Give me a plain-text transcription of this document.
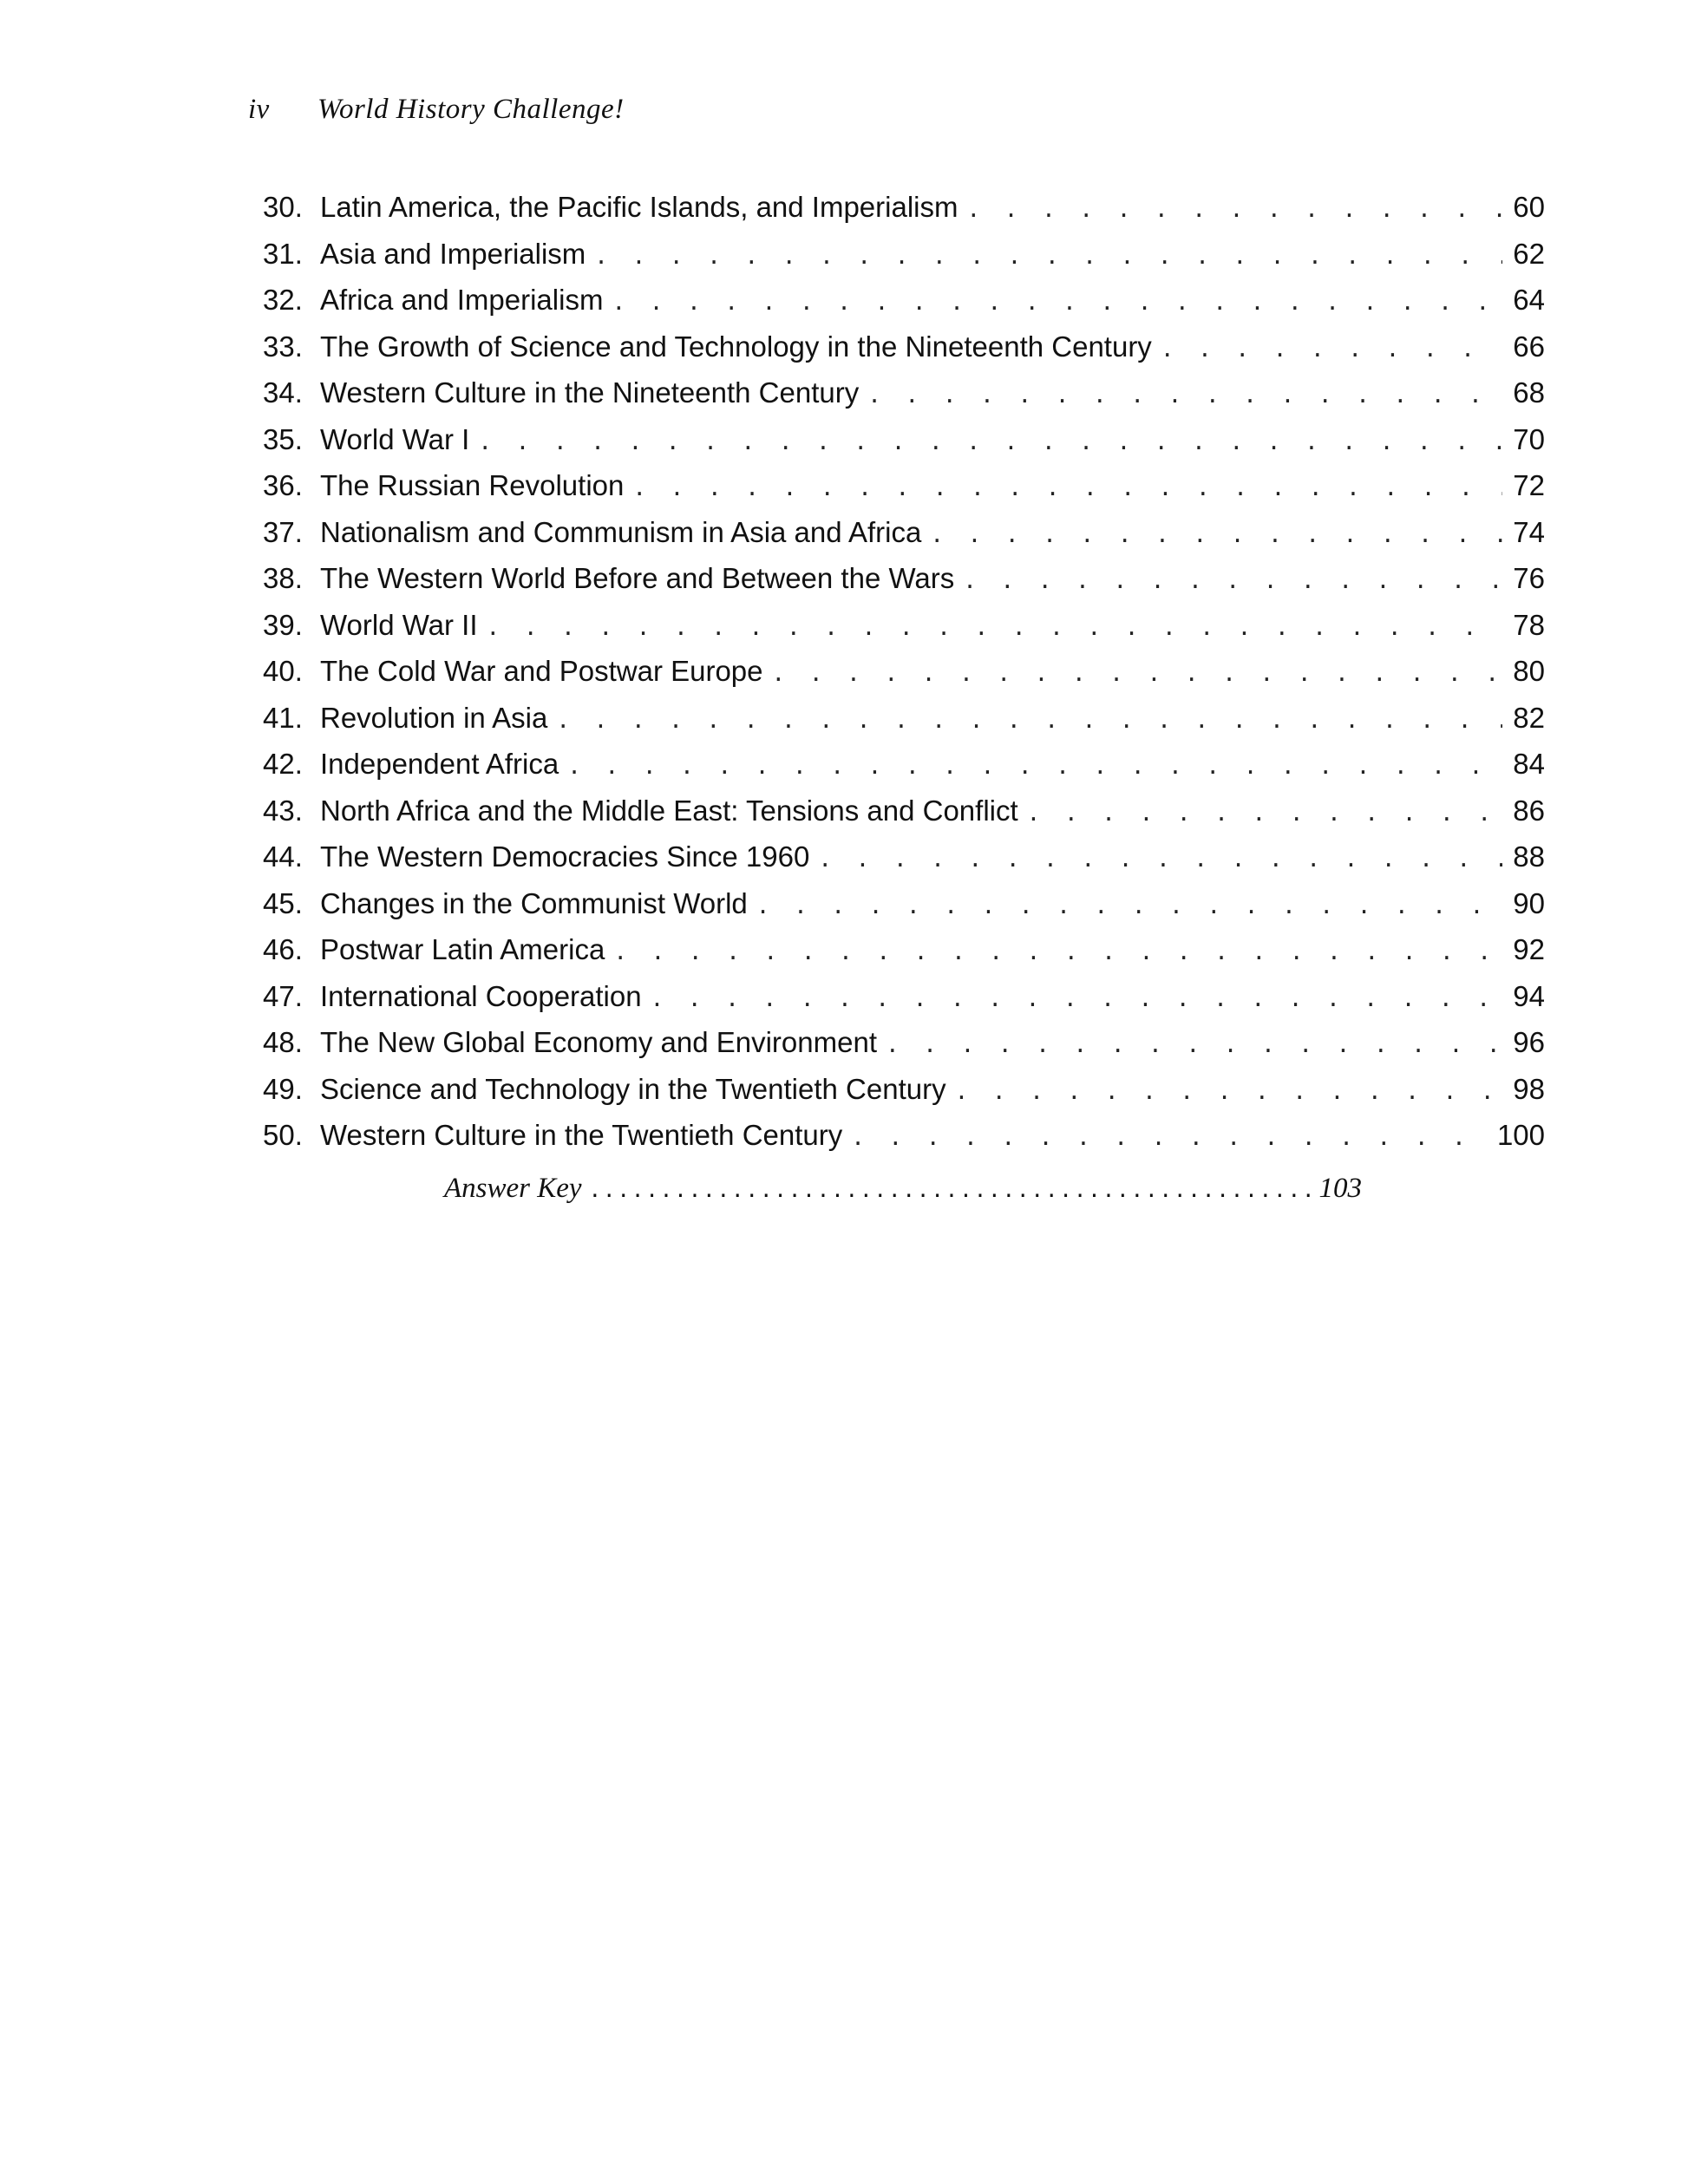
iv World History Challenge!
30. Latin America, the Pacific Islands, and Imperialism . . .	60
31. Asia and Imperialism . . .	62
32. Africa and Imperialism . . .	64
33. The Growth of Science and Technology in the Nineteenth Century . . .	66
34. Western Culture in the Nineteenth Century . . .	68
35. World War I . . .	70
36. The Russian Revolution . . .	72
37. Nationalism and Communism in Asia and Africa . . .	74
38. The Western World Before and Between the Wars . . .	76
39. World War II . . .	78
40. The Cold War and Postwar Europe . . .	80
41. Revolution in Asia . . .	82
42. Independent Africa . . .	84
43. North Africa and the Middle East: Tensions and Conflict . . .	86
44. The Western Democracies Since 1960 . . .	88
45. Changes in the Communist World . . .	90
46. Postwar Latin America . . .	92
47. International Cooperation . . .	94
48. The New Global Economy and Environment . . .	96
49. Science and Technology in the Twentieth Century . . .	98
50. Western Culture in the Twentieth Century . . .	100
Answer Key .....	103
